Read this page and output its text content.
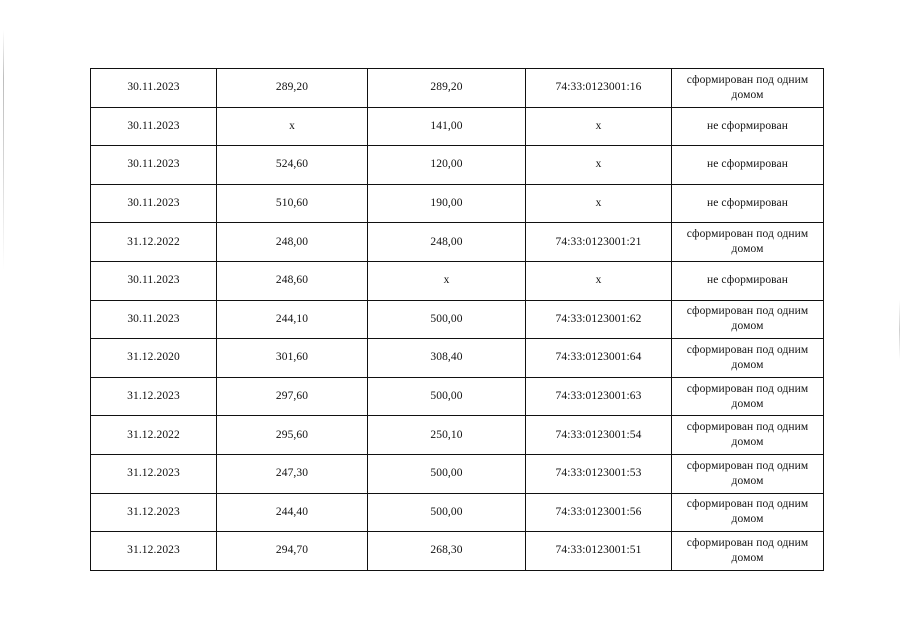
30.11.2023	289,20	289,20	74:33:0123001:16	сформирован под одним домом
30.11.2023	х	141,00	х	не сформирован
30.11.2023	524,60	120,00	х	не сформирован
30.11.2023	510,60	190,00	х	не сформирован
31.12.2022	248,00	248,00	74:33:0123001:21	сформирован под одним домом
30.11.2023	248,60	х	х	не сформирован
30.11.2023	244,10	500,00	74:33:0123001:62	сформирован под одним домом
31.12.2020	301,60	308,40	74:33:0123001:64	сформирован под одним домом
31.12.2023	297,60	500,00	74:33:0123001:63	сформирован под одним домом
31.12.2022	295,60	250,10	74:33:0123001:54	сформирован под одним домом
31.12.2023	247,30	500,00	74:33:0123001:53	сформирован под одним домом
31.12.2023	244,40	500,00	74:33:0123001:56	сформирован под одним домом
31.12.2023	294,70	268,30	74:33:0123001:51	сформирован под одним домом
